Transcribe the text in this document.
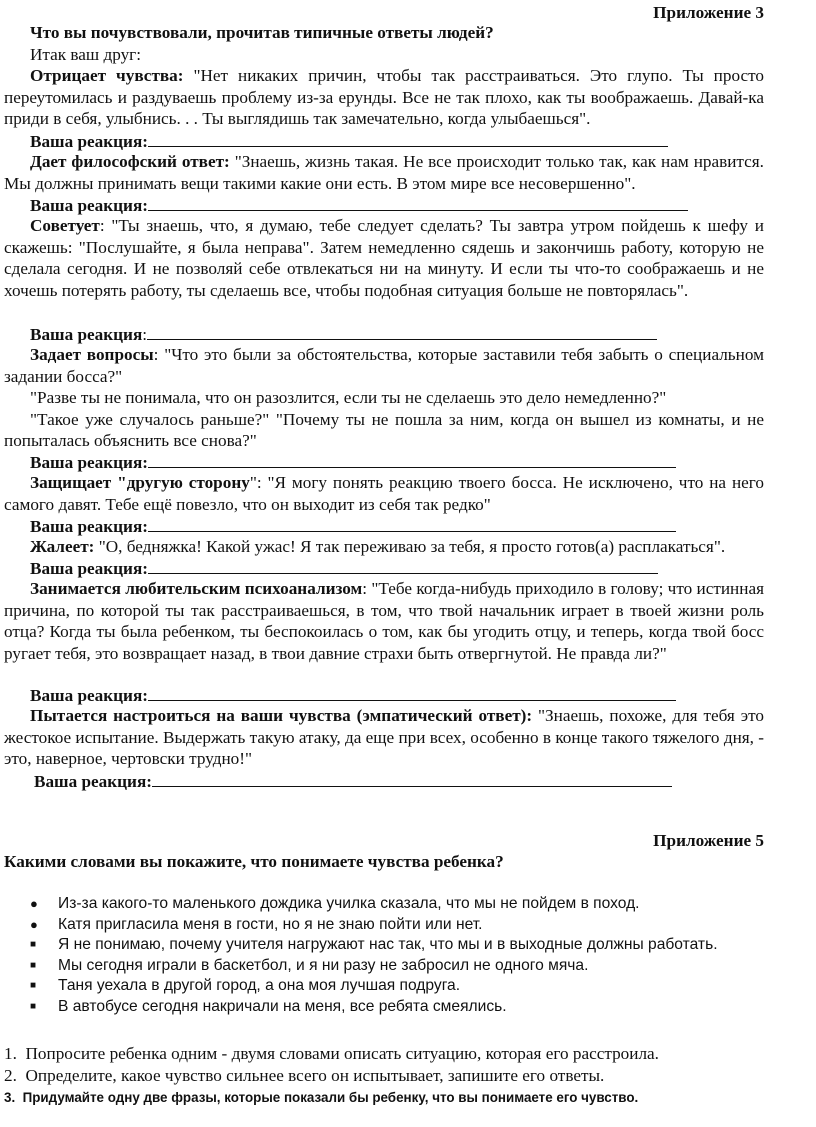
Приложение 3

Что вы почувствовали, прочитав типичные ответы людей?

Итак ваш друг:

Отрицает чувства: "Нет никаких причин, чтобы так расстраиваться. Это глупо. Ты просто переутомилась и раздуваешь проблему из-за ерунды. Все не так плохо, как ты воображаешь. Давай-ка приди в себя, улыбнись. . . Ты выглядишь так замечательно, когда улыбаешься".

Ваша реакция:

Дает философский ответ: "Знаешь, жизнь такая. Не все происходит только так, как нам нравится. Мы должны принимать вещи такими какие они есть. В этом мире все несовершенно".

Ваша реакция:

Советует: "Ты знаешь, что, я думаю, тебе следует сделать? Ты завтра утром пойдешь к шефу и скажешь: "Послушайте, я была неправа". Затем немедленно сядешь и закончишь работу, которую не сделала сегодня. И не позволяй себе отвлекаться ни на минуту. И если ты что-то соображаешь и не хочешь потерять работу, ты сделаешь все, чтобы подобная ситуация больше не повторялась".

Ваша реакция:

Задает вопросы: "Что это были за обстоятельства, которые заставили тебя забыть о специальном задании босса?"

"Разве ты не понимала, что он разозлится, если ты не сделаешь это дело немедленно?"

"Такое уже случалось раньше?" "Почему ты не пошла за ним, когда он вышел из комнаты, и не попыталась объяснить все снова?"

Ваша реакция:

Защищает "другую сторону": "Я могу понять реакцию твоего босса. Не исключено, что на него самого давят. Тебе ещё повезло, что он выходит из себя так редко"

Ваша реакция:

Жалеет: "О, бедняжка! Какой ужас! Я так переживаю за тебя, я просто готов(а) расплакаться".

Ваша реакция:

Занимается любительским психоанализом: "Тебе когда-нибудь приходило в голову; что истинная причина, по которой ты так расстраиваешься, в том, что твой начальник играет в твоей жизни роль отца? Когда ты была ребенком, ты беспокоилась о том, как бы угодить отцу, и теперь, когда твой босс ругает тебя, это возвращает назад, в твои давние страхи быть отвергнутой. Не правда ли?"

Ваша реакция:

Пытается настроиться на ваши чувства (эмпатический ответ): "Знаешь, похоже, для тебя это жестокое испытание. Выдержать такую атаку, да еще при всех, особенно в конце такого тяжелого дня, - это, наверное, чертовски трудно!"

Ваша реакция:
Приложение 5
Какими словами вы покажите, что понимаете чувства ребенка?
● Из-за какого-то маленького дождика училка сказала, что мы не пойдем в поход.
● Катя пригласила меня в гости, но я не знаю пойти или нет.
■ Я не понимаю, почему учителя нагружают нас так, что мы и в выходные должны работать.
■ Мы сегодня играли в баскетбол, и я ни разу не забросил не одного мяча.
■ Таня уехала в другой город, а она моя лучшая подруга.
■ В автобусе сегодня накричали на меня, все ребята смеялись.
1. Попросите ребенка одним - двумя словами описать ситуацию, которая его расстроила.
2. Определите, какое чувство сильнее всего он испытывает, запишите его ответы.
3. Придумайте одну две фразы, которые показали бы ребенку, что вы понимаете его чувство.
